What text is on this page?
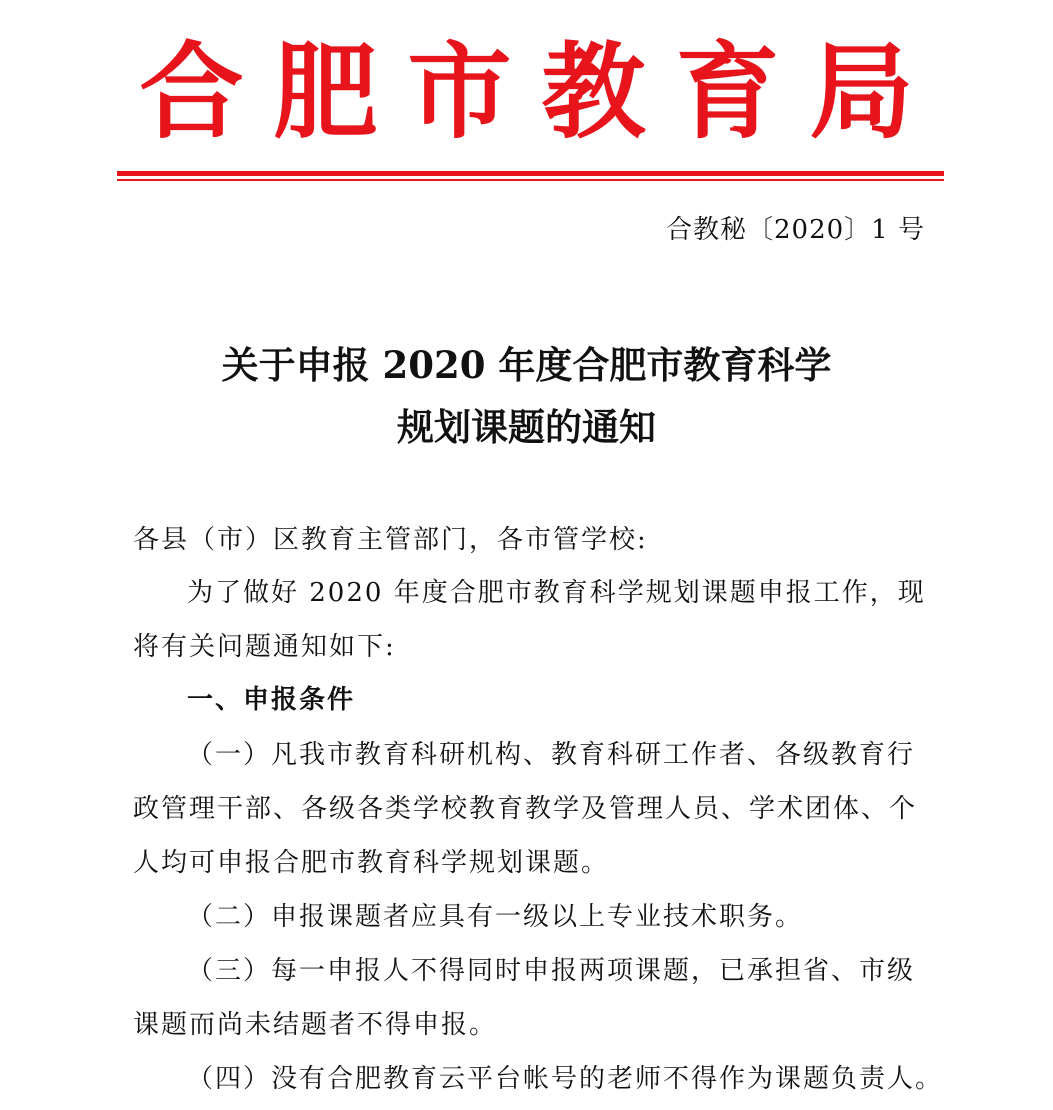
合肥市教育局
合教秘〔2020〕1 号
关于申报 2020 年度合肥市教育科学
规划课题的通知
各县（市）区教育主管部门，各市管学校:
为了做好 2020 年度合肥市教育科学规划课题申报工作，现
将有关问题通知如下:
一、申报条件
（一）凡我市教育科研机构、教育科研工作者、各级教育行
政管理干部、各级各类学校教育教学及管理人员、学术团体、个
人均可申报合肥市教育科学规划课题。
（二）申报课题者应具有一级以上专业技术职务。
（三）每一申报人不得同时申报两项课题，已承担省、市级
课题而尚未结题者不得申报。
（四）没有合肥教育云平台帐号的老师不得作为课题负责人。
